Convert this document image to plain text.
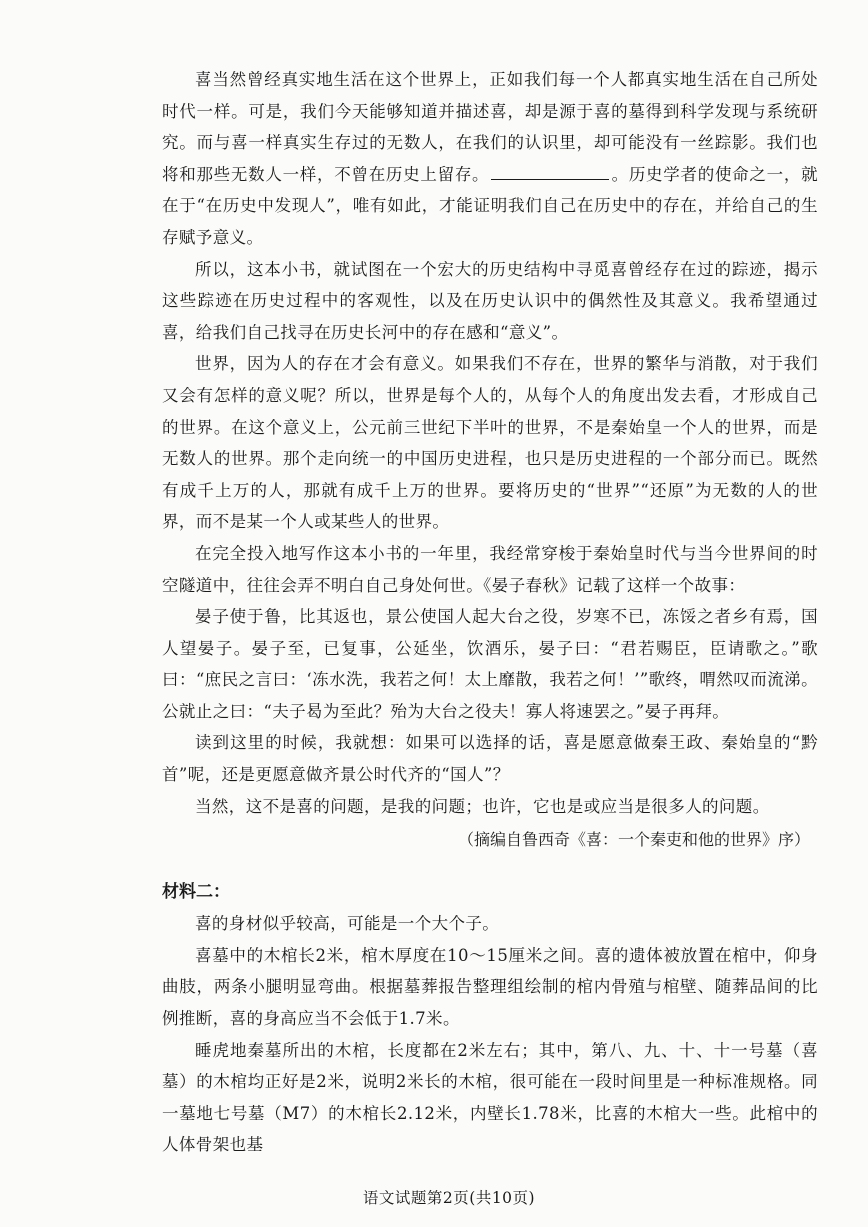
喜当然曾经真实地生活在这个世界上，正如我们每一个人都真实地生活在自己所处时代一样。可是，我们今天能够知道并描述喜，却是源于喜的墓得到科学发现与系统研究。而与喜一样真实生存过的无数人，在我们的认识里，却可能没有一丝踪影。我们也将和那些无数人一样，不曾在历史上留存。	。历史学者的使命之一，就在于“在历史中发现人”，唯有如此，才能证明我们自己在历史中的存在，并给自己的生存赋予意义。

所以，这本小书，就试图在一个宏大的历史结构中寻觅喜曾经存在过的踪迹，揭示这些踪迹在历史过程中的客观性，以及在历史认识中的偶然性及其意义。我希望通过喜，给我们自己找寻在历史长河中的存在感和“意义”。

世界，因为人的存在才会有意义。如果我们不存在，世界的繁华与消散，对于我们又会有怎样的意义呢？所以，世界是每个人的，从每个人的角度出发去看，才形成自己的世界。在这个意义上，公元前三世纪下半叶的世界，不是秦始皇一个人的世界，而是无数人的世界。那个走向统一的中国历史进程，也只是历史进程的一个部分而已。既然有成千上万的人，那就有成千上万的世界。要将历史的“世界”“还原”为无数的人的世界，而不是某一个人或某些人的世界。

在完全投入地写作这本小书的一年里，我经常穿梭于秦始皇时代与当今世界间的时空隧道中，往往会弄不明白自己身处何世。《晏子春秋》记载了这样一个故事：

晏子使于鲁，比其返也，景公使国人起大台之役，岁寒不已，冻馁之者乡有焉，国人望晏子。晏子至，已复事，公延坐，饮酒乐，晏子曰：“君若赐臣，臣请歌之。”歌曰：“庶民之言曰：‘冻水洗，我若之何！太上靡散，我若之何！’”歌终，喟然叹而流涕。公就止之曰：“夫子曷为至此？殆为大台之役夫！寡人将速罢之。”晏子再拜。

读到这里的时候，我就想：如果可以选择的话，喜是愿意做秦王政、秦始皇的“黔首”呢，还是更愿意做齐景公时代齐的“国人”？

当然，这不是喜的问题，是我的问题；也许，它也是或应当是很多人的问题。

（摘编自鲁西奇《喜：一个秦吏和他的世界》序）
材料二：

喜的身材似乎较高，可能是一个大个子。

喜墓中的木棺长2米，棺木厚度在10～15厘米之间。喜的遗体被放置在棺中，仰身曲肢，两条小腿明显弯曲。根据墓葬报告整理组绘制的棺内骨殖与棺壁、随葬品间的比例推断，喜的身高应当不会低于1.7米。

睡虎地秦墓所出的木棺，长度都在2米左右；其中，第八、九、十、十一号墓（喜墓）的木棺均正好是2米，说明2米长的木棺，很可能在一段时间里是一种标准规格。同一墓地七号墓（M7）的木棺长2.12米，内壁长1.78米，比喜的木棺大一些。此棺中的人体骨架也基

语文试题第2页(共10页)
